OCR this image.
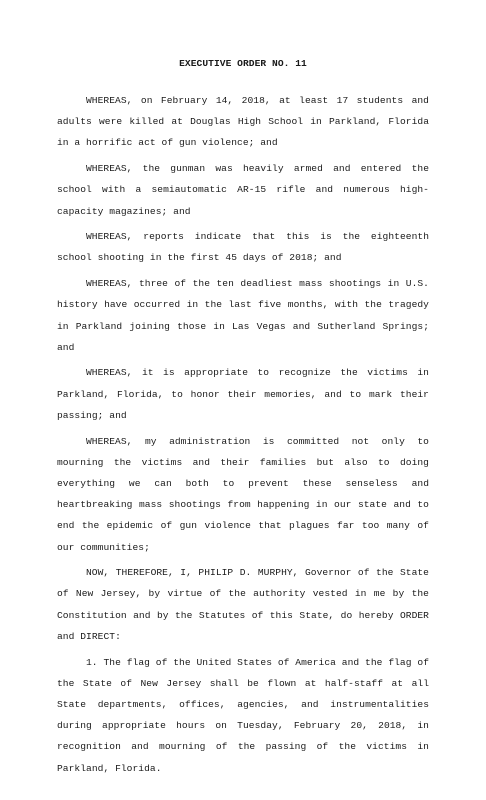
EXECUTIVE ORDER NO. 11

WHEREAS, on February 14, 2018, at least 17 students and adults were killed at Douglas High School in Parkland, Florida in a horrific act of gun violence; and

WHEREAS, the gunman was heavily armed and entered the school with a semiautomatic AR-15 rifle and numerous high-capacity magazines; and

WHEREAS, reports indicate that this is the eighteenth school shooting in the first 45 days of 2018; and

WHEREAS, three of the ten deadliest mass shootings in U.S. history have occurred in the last five months, with the tragedy in Parkland joining those in Las Vegas and Sutherland Springs; and

WHEREAS, it is appropriate to recognize the victims in Parkland, Florida, to honor their memories, and to mark their passing; and

WHEREAS, my administration is committed not only to mourning the victims and their families but also to doing everything we can both to prevent these senseless and heartbreaking mass shootings from happening in our state and to end the epidemic of gun violence that plagues far too many of our communities;

NOW, THEREFORE, I, PHILIP D. MURPHY, Governor of the State of New Jersey, by virtue of the authority vested in me by the Constitution and by the Statutes of this State, do hereby ORDER and DIRECT:

1. The flag of the United States of America and the flag of the State of New Jersey shall be flown at half-staff at all State departments, offices, agencies, and instrumentalities during appropriate hours on Tuesday, February 20, 2018, in recognition and mourning of the passing of the victims in Parkland, Florida.
